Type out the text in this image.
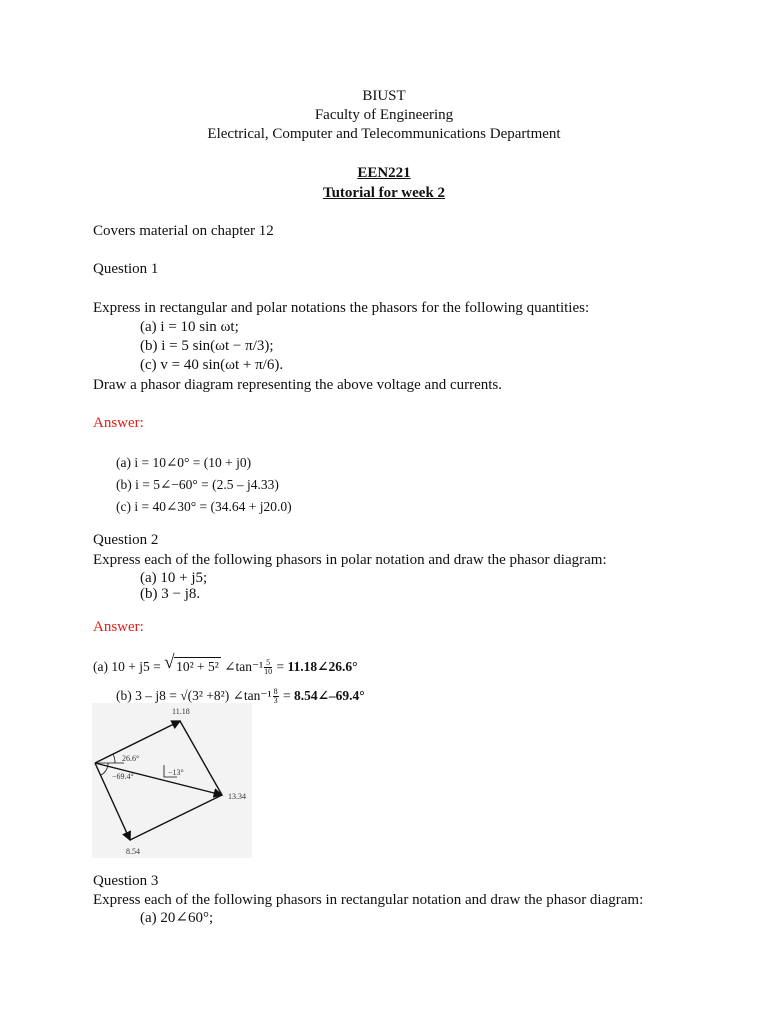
BIUST
Faculty of Engineering
Electrical, Computer and Telecommunications Department
EEN221
Tutorial for week 2
Covers material on chapter 12
Question 1
Express in rectangular and polar notations the phasors for the following quantities:
(a) i = 10 sin ωt;
(b) i = 5 sin(ωt − π/3);
(c) v = 40 sin(ωt + π/6).
Draw a phasor diagram representing the above voltage and currents.
Answer:
(a) i = 10∠0° = (10 + j0)
(b) i = 5∠−60° = (2.5 – j4.33)
(c) i = 40∠30° = (34.64 + j20.0)
Question 2
Express each of the following phasors in polar notation and draw the phasor diagram:
(a) 10 + j5;
(b) 3 − j8.
Answer:
(a) 10 + j5 = √ 10² + 5² ∠tan⁻¹ $\frac{5}{10}$ = 11.18∠26.6°
(b) 3 – j8 = √(3² +8²) ∠tan⁻¹ $\frac{8}{3}$ = 8.54∠–69.4°
11.18
13.34
8.54
26.6°
−69.4°	−13°
Question 3
Express each of the following phasors in rectangular notation and draw the phasor diagram:
(a) 20∠60°;
